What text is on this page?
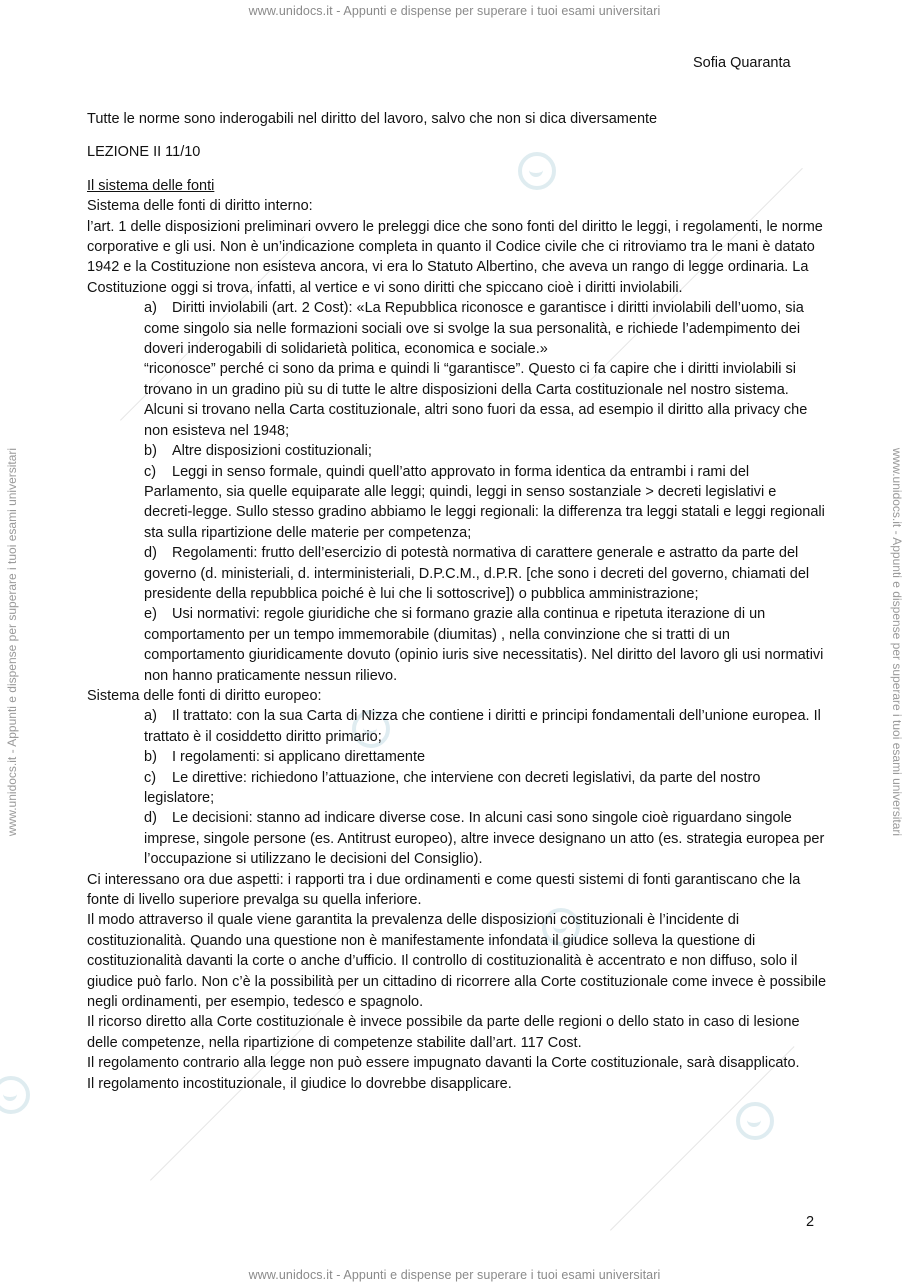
www.unidocs.it - Appunti e dispense per superare i tuoi esami universitari
www.unidocs.it - Appunti e dispense per superare i tuoi esami universitari
www.unidocs.it - Appunti e dispense per superare i tuoi esami universitari	www.unidocs.it - Appunti e dispense per superare i tuoi esami universitari
Sofia Quaranta

Tutte le norme sono inderogabili nel diritto del lavoro, salvo che non si dica diversamente

LEZIONE II 11/10

Il sistema delle fonti

Sistema delle fonti di diritto interno:

l’art. 1 delle disposizioni preliminari ovvero le preleggi dice che sono fonti del diritto le leggi, i regolamenti, le norme corporative e gli usi. Non è un’indicazione completa in quanto il Codice civile che ci ritroviamo tra le mani è datato 1942 e la Costituzione non esisteva ancora, vi era lo Statuto Albertino, che aveva un rango di legge ordinaria. La Costituzione oggi si trova, infatti, al vertice e vi sono diritti che spiccano cioè i diritti inviolabili.

a) Diritti inviolabili (art. 2 Cost): «La Repubblica riconosce e garantisce i diritti inviolabili dell’uomo, sia come singolo sia nelle formazioni sociali ove si svolge la sua personalità, e richiede l’adempimento dei doveri inderogabili di solidarietà politica, economica e sociale.»

“riconosce” perché ci sono da prima e quindi li “garantisce”. Questo ci fa capire che i diritti inviolabili si trovano in un gradino più su di tutte le altre disposizioni della Carta costituzionale nel nostro sistema. Alcuni si trovano nella Carta costituzionale, altri sono fuori da essa, ad esempio il diritto alla privacy che non esisteva nel 1948;

b) Altre disposizioni costituzionali;

c) Leggi in senso formale, quindi quell’atto approvato in forma identica da entrambi i rami del Parlamento, sia quelle equiparate alle leggi; quindi, leggi in senso sostanziale > decreti legislativi e decreti-legge. Sullo stesso gradino abbiamo le leggi regionali: la differenza tra leggi statali e leggi regionali sta sulla ripartizione delle materie per competenza;

d) Regolamenti: frutto dell’esercizio di potestà normativa di carattere generale e astratto da parte del governo (d. ministeriali, d. interministeriali, D.P.C.M., d.P.R. [che sono i decreti del governo, chiamati del presidente della repubblica poiché è lui che li sottoscrive]) o pubblica amministrazione;

e) Usi normativi: regole giuridiche che si formano grazie alla continua e ripetuta iterazione di un comportamento per un tempo immemorabile (diumitas) , nella convinzione che si tratti di un comportamento giuridicamente dovuto (opinio iuris sive necessitatis). Nel diritto del lavoro gli usi normativi non hanno praticamente nessun rilievo.

Sistema delle fonti di diritto europeo:

a) Il trattato: con la sua Carta di Nizza che contiene i diritti e principi fondamentali dell’unione europea. Il trattato è il cosiddetto diritto primario;

b) I regolamenti: si applicano direttamente

c) Le direttive: richiedono l’attuazione, che interviene con decreti legislativi, da parte del nostro legislatore;

d) Le decisioni: stanno ad indicare diverse cose. In alcuni casi sono singole cioè riguardano singole imprese, singole persone (es. Antitrust europeo), altre invece designano un atto (es. strategia europea per l’occupazione si utilizzano le decisioni del Consiglio).

Ci interessano ora due aspetti: i rapporti tra i due ordinamenti e come questi sistemi di fonti garantiscano che la fonte di livello superiore prevalga su quella inferiore.

Il modo attraverso il quale viene garantita la prevalenza delle disposizioni costituzionali è l’incidente di costituzionalità. Quando una questione non è manifestamente infondata il giudice solleva la questione di costituzionalità davanti la corte o anche d’ufficio. Il controllo di costituzionalità è accentrato e non diffuso, solo il giudice può farlo. Non c’è la possibilità per un cittadino di ricorrere alla Corte costituzionale come invece è possibile negli ordinamenti, per esempio, tedesco e spagnolo.

Il ricorso diretto alla Corte costituzionale è invece possibile da parte delle regioni o dello stato in caso di lesione delle competenze, nella ripartizione di competenze stabilite dall’art. 117 Cost.

Il regolamento contrario alla legge non può essere impugnato davanti la Corte costituzionale, sarà disapplicato.

Il regolamento incostituzionale, il giudice lo dovrebbe disapplicare.

2
